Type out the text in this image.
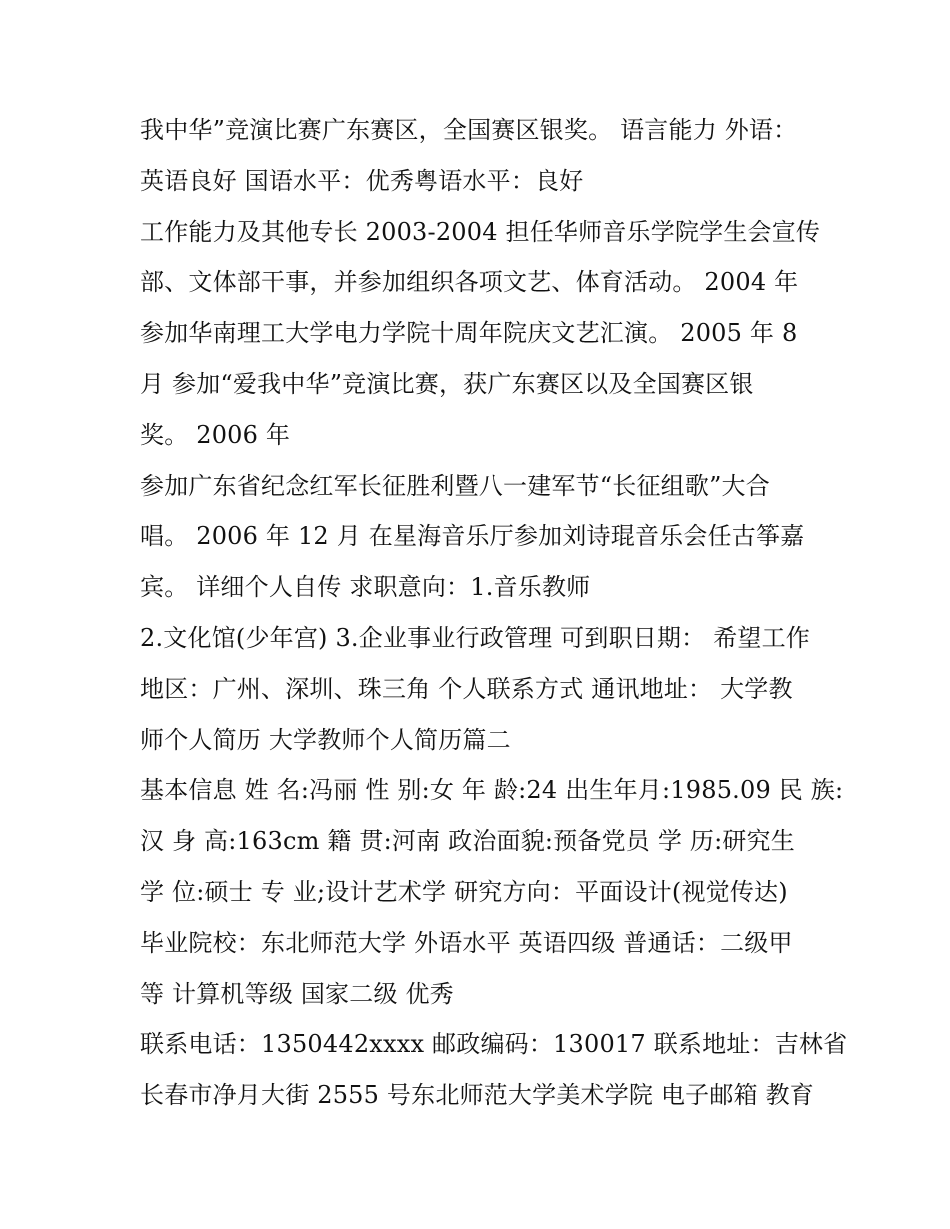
我中华”竞演比赛广东赛区，全国赛区银奖。 语言能力 外语：
英语良好 国语水平：优秀粤语水平：良好
工作能力及其他专长 2003-2004 担任华师音乐学院学生会宣传
部、文体部干事，并参加组织各项文艺、体育活动。 2004 年
参加华南理工大学电力学院十周年院庆文艺汇演。 2005 年 8
月 参加“爱我中华”竞演比赛，获广东赛区以及全国赛区银
奖。 2006 年
参加广东省纪念红军长征胜利暨八一建军节“长征组歌”大合
唱。 2006 年 12 月 在星海音乐厅参加刘诗琨音乐会任古筝嘉
宾。 详细个人自传 求职意向：1.音乐教师
2.文化馆(少年宫) 3.企业事业行政管理 可到职日期： 希望工作
地区：广州、深圳、珠三角 个人联系方式 通讯地址： 大学教
师个人简历 大学教师个人简历篇二
基本信息 姓 名:冯丽 性 别:女 年 龄:24 出生年月:1985.09 民 族:
汉 身 高:163cm 籍 贯:河南 政治面貌:预备党员 学 历:研究生
学 位:硕士 专 业;设计艺术学 研究方向：平面设计(视觉传达)
毕业院校：东北师范大学 外语水平 英语四级 普通话：二级甲
等 计算机等级 国家二级 优秀
联系电话：1350442xxxx 邮政编码：130017 联系地址：吉林省
长春市净月大街 2555 号东北师范大学美术学院 电子邮箱 教育
